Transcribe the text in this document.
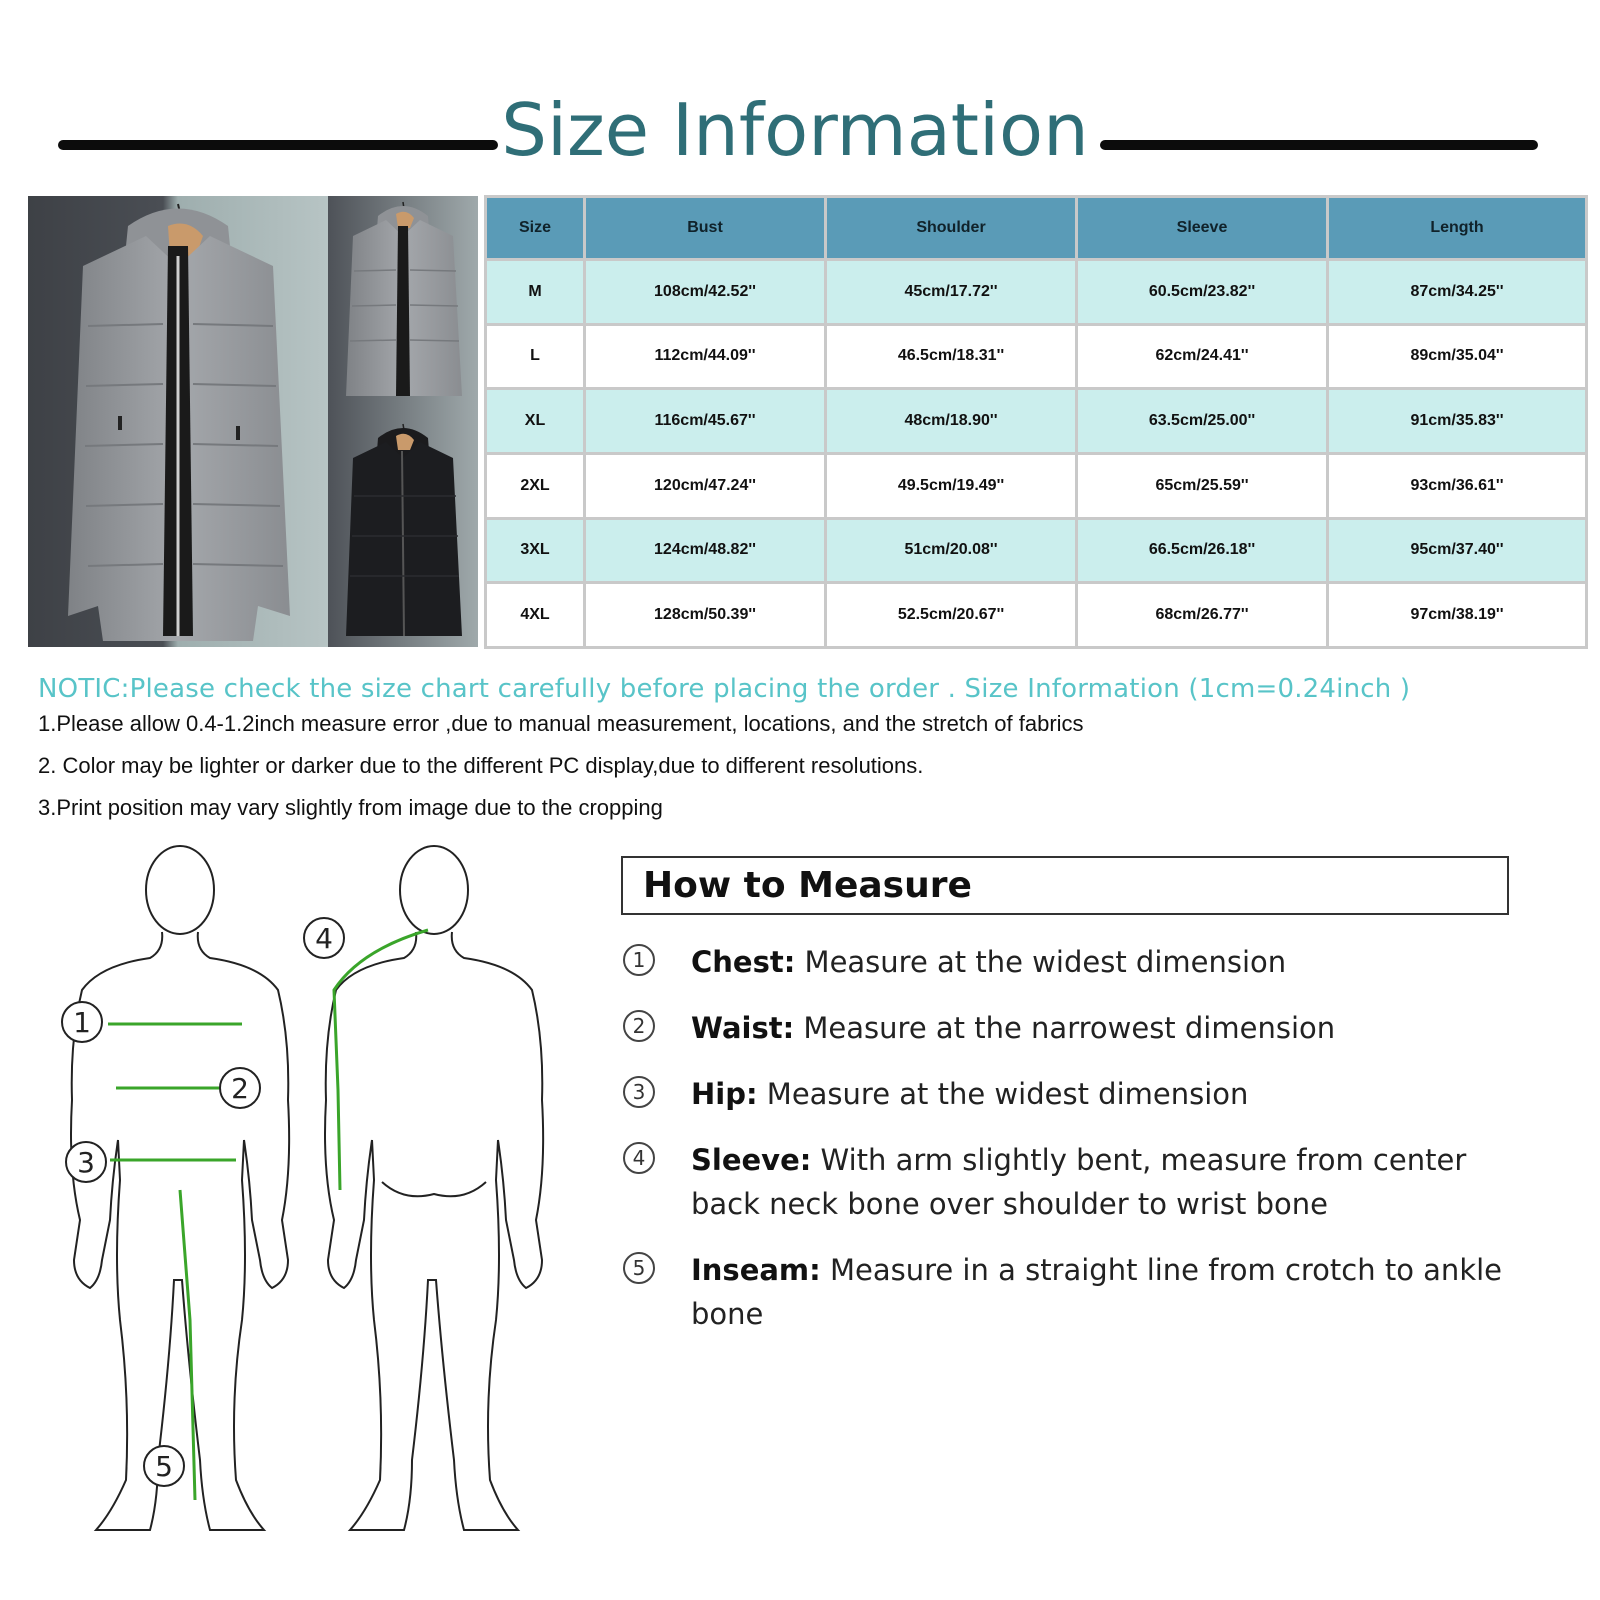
Size Information
Size	Bust	Shoulder	Sleeve	Length
M	108cm/42.52''	45cm/17.72''	60.5cm/23.82''	87cm/34.25''
L	112cm/44.09''	46.5cm/18.31''	62cm/24.41''	89cm/35.04''
XL	116cm/45.67''	48cm/18.90''	63.5cm/25.00''	91cm/35.83''
2XL	120cm/47.24''	49.5cm/19.49''	65cm/25.59''	93cm/36.61''
3XL	124cm/48.82''	51cm/20.08''	66.5cm/26.18''	95cm/37.40''
4XL	128cm/50.39''	52.5cm/20.67''	68cm/26.77''	97cm/38.19''
NOTIC:Please check the size chart carefully before placing the order . Size Information (1cm=0.24inch )
1.Please allow 0.4-1.2inch measure error ,due to manual measurement, locations, and the stretch of fabrics
2. Color may be lighter or darker due to the different PC display,due to different resolutions.
3.Print position may vary slightly from image due to the cropping
1
2
3
4
5
How to Measure
1	Chest: Measure at the widest dimension
2	Waist: Measure at the narrowest dimension
3	Hip: Measure at the widest dimension
4	Sleeve: With arm slightly bent, measure from center back neck bone over shoulder to wrist bone
5	Inseam: Measure in a straight line from crotch to ankle bone
